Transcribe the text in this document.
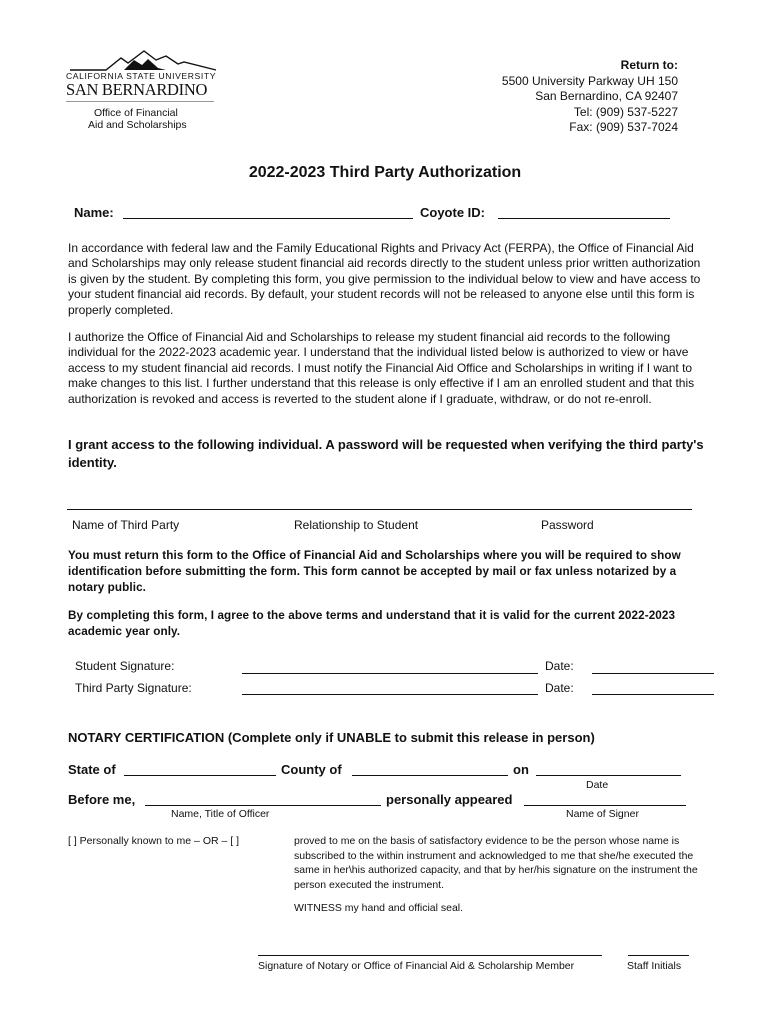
CALIFORNIA STATE UNIVERSITY
SAN BERNARDINO
Office of Financial
Aid and Scholarships
Return to:
5500 University Parkway UH 150
San Bernardino, CA 92407
Tel: (909) 537-5227
Fax: (909) 537-7024
2022-2023 Third Party Authorization
Name:	Coyote ID:
In accordance with federal law and the Family Educational Rights and Privacy Act (FERPA), the Office of Financial Aid and Scholarships may only release student financial aid records directly to the student unless prior written authorization is given by the student. By completing this form, you give permission to the individual below to view and have access to your student financial aid records. By default, your student records will not be released to anyone else until this form is properly completed.
I authorize the Office of Financial Aid and Scholarships to release my student financial aid records to the following individual for the 2022-2023 academic year. I understand that the individual listed below is authorized to view or have access to my student financial aid records. I must notify the Financial Aid Office and Scholarships in writing if I want to make changes to this list. I further understand that this release is only effective if I am an enrolled student and that this authorization is revoked and access is reverted to the student alone if I graduate, withdraw, or do not re-enroll.
I grant access to the following individual. A password will be requested when verifying the third party's identity.
Name of Third Party	Relationship to Student	Password
You must return this form to the Office of Financial Aid and Scholarships where you will be required to show identification before submitting the form. This form cannot be accepted by mail or fax unless notarized by a notary public.
By completing this form, I agree to the above terms and understand that it is valid for the current 2022-2023 academic year only.
Student Signature:	Date:
Third Party Signature:	Date:
NOTARY CERTIFICATION (Complete only if UNABLE to submit this release in person)
State of	County of	on
Date
Before me,	personally appeared
Name, Title of Officer	Name of Signer
[ ] Personally known to me – OR – [ ]	proved to me on the basis of satisfactory evidence to be the person whose name is subscribed to the within instrument and acknowledged to me that she/he executed the same in her\his authorized capacity, and that by her/his signature on the instrument the person executed the instrument.
WITNESS my hand and official seal.
Signature of Notary or Office of Financial Aid & Scholarship Member	Staff Initials
